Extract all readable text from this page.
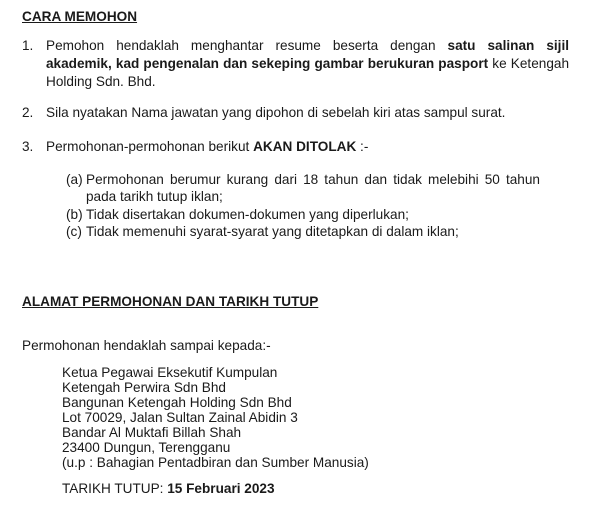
CARA MEMOHON
1. Pemohon hendaklah menghantar resume beserta dengan satu salinan sijil akademik, kad pengenalan dan sekeping gambar berukuran pasport ke Ketengah Holding Sdn. Bhd.
2. Sila nyatakan Nama jawatan yang dipohon di sebelah kiri atas sampul surat.
3. Permohonan-permohonan berikut AKAN DITOLAK :-
(a) Permohonan berumur kurang dari 18 tahun dan tidak melebihi 50 tahun pada tarikh tutup iklan;
(b) Tidak disertakan dokumen-dokumen yang diperlukan;
(c) Tidak memenuhi syarat-syarat yang ditetapkan di dalam iklan;
ALAMAT PERMOHONAN DAN TARIKH TUTUP
Permohonan hendaklah sampai kepada:-
Ketua Pegawai Eksekutif Kumpulan
Ketengah Perwira Sdn Bhd
Bangunan Ketengah Holding Sdn Bhd
Lot 70029, Jalan Sultan Zainal Abidin 3
Bandar Al Muktafi Billah Shah
23400 Dungun, Terengganu
(u.p : Bahagian Pentadbiran dan Sumber Manusia)
TARIKH TUTUP: 15 Februari 2023
